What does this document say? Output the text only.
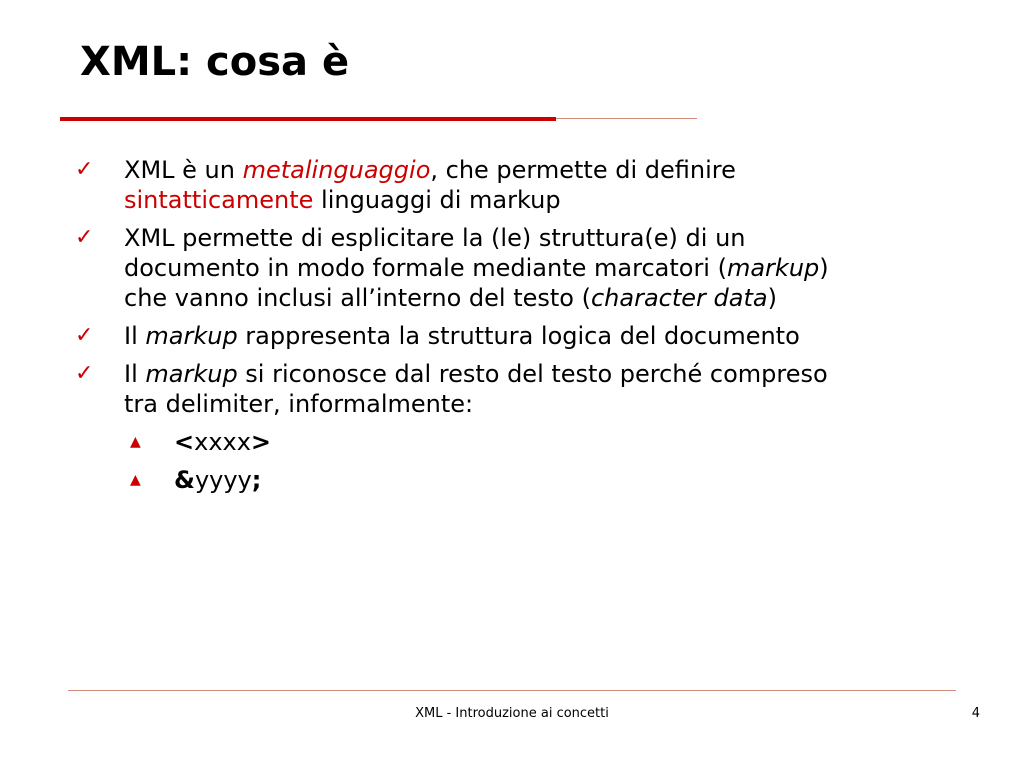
XML: cosa è
✓ XML è un metalinguaggio, che permette di definire sintatticamente linguaggi di markup
✓ XML permette di esplicitare la (le) struttura(e) di un documento in modo formale mediante marcatori (markup) che vanno inclusi all’interno del testo (character data)
✓ Il markup rappresenta la struttura logica del documento
✓ Il markup si riconosce dal resto del testo perché compreso tra delimiter, informalmente:
▲ <xxxx>
▲ &yyyy;
XML - Introduzione ai concetti	4
